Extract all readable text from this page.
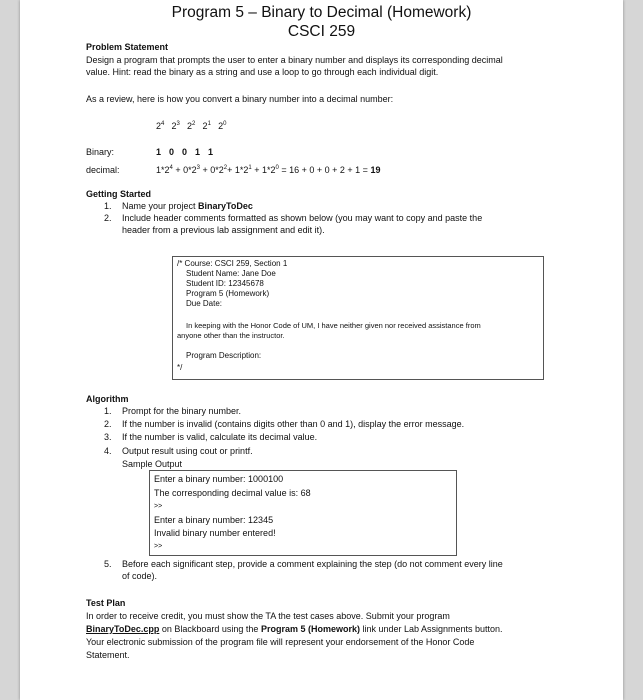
Program 5 – Binary to Decimal (Homework)
CSCI 259
Problem Statement
Design a program that prompts the user to enter a binary number and displays its corresponding decimal
value. Hint: read the binary as a string and use a loop to go through each individual digit.
As a review, here is how you convert a binary number into a decimal number:
$2^4$ $2^3$ $2^2$ $2^1$ $2^0$
Binary:	1 0 0 1 1
decimal:	$1*2^4 + 0*2^3 + 0*2^2+ 1*2^1 + 1*2^0 = 16 + 0 + 0 + 2 + 1 = 19$
Getting Started
1. Name your project BinaryToDec
2. Include header comments formatted as shown below (you may want to copy and paste the
header from a previous lab assignment and edit it).
/* Course: CSCI 259, Section 1
Student Name: Jane Doe
Student ID: 12345678
Program 5 (Homework)
Due Date:
In keeping with the Honor Code of UM, I have neither given nor received assistance from
anyone other than the instructor.
Program Description:
*/
Algorithm
1. Prompt for the binary number.
2. If the number is invalid (contains digits other than 0 and 1), display the error message.
3. If the number is valid, calculate its decimal value.
4. Output result using cout or printf.
Sample Output
Enter a binary number: 1000100
The corresponding decimal value is: 68
>>
Enter a binary number: 12345
Invalid binary number entered!
>>
5. Before each significant step, provide a comment explaining the step (do not comment every line
of code).
Test Plan
In order to receive credit, you must show the TA the test cases above. Submit your program
BinaryToDec.cpp on Blackboard using the Program 5 (Homework) link under Lab Assignments button.
Your electronic submission of the program file will represent your endorsement of the Honor Code
Statement.
